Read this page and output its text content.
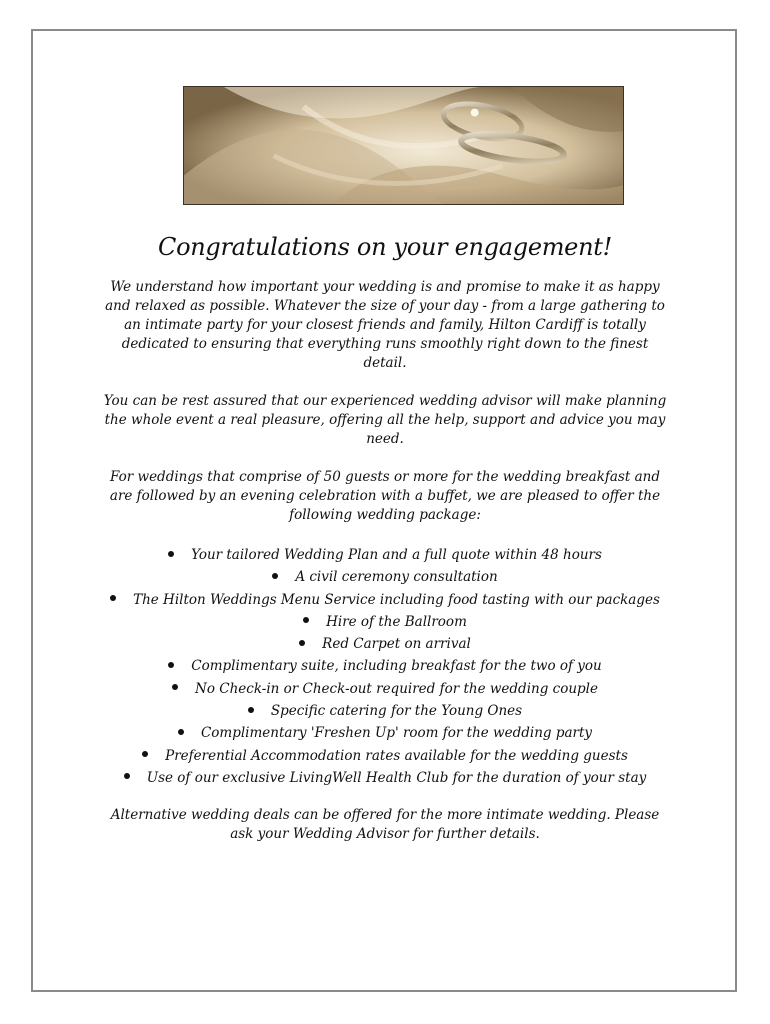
Congratulations on your engagement!

We understand how important your wedding is and promise to make it as happy and relaxed as possible. Whatever the size of your day - from a large gathering to an intimate party for your closest friends and family, Hilton Cardiff is totally dedicated to ensuring that everything runs smoothly right down to the finest detail.

You can be rest assured that our experienced wedding advisor will make planning the whole event a real pleasure, offering all the help, support and advice you may need.

For weddings that comprise of 50 guests or more for the wedding breakfast and are followed by an evening celebration with a buffet, we are pleased to offer the following wedding package:

Your tailored Wedding Plan and a full quote within 48 hours
A civil ceremony consultation
The Hilton Weddings Menu Service including food tasting with our packages
Hire of the Ballroom
Red Carpet on arrival
Complimentary suite, including breakfast for the two of you
No Check-in or Check-out required for the wedding couple
Specific catering for the Young Ones
Complimentary 'Freshen Up' room for the wedding party
Preferential Accommodation rates available for the wedding guests
Use of our exclusive LivingWell Health Club for the duration of your stay

Alternative wedding deals can be offered for the more intimate wedding. Please ask your Wedding Advisor for further details.
